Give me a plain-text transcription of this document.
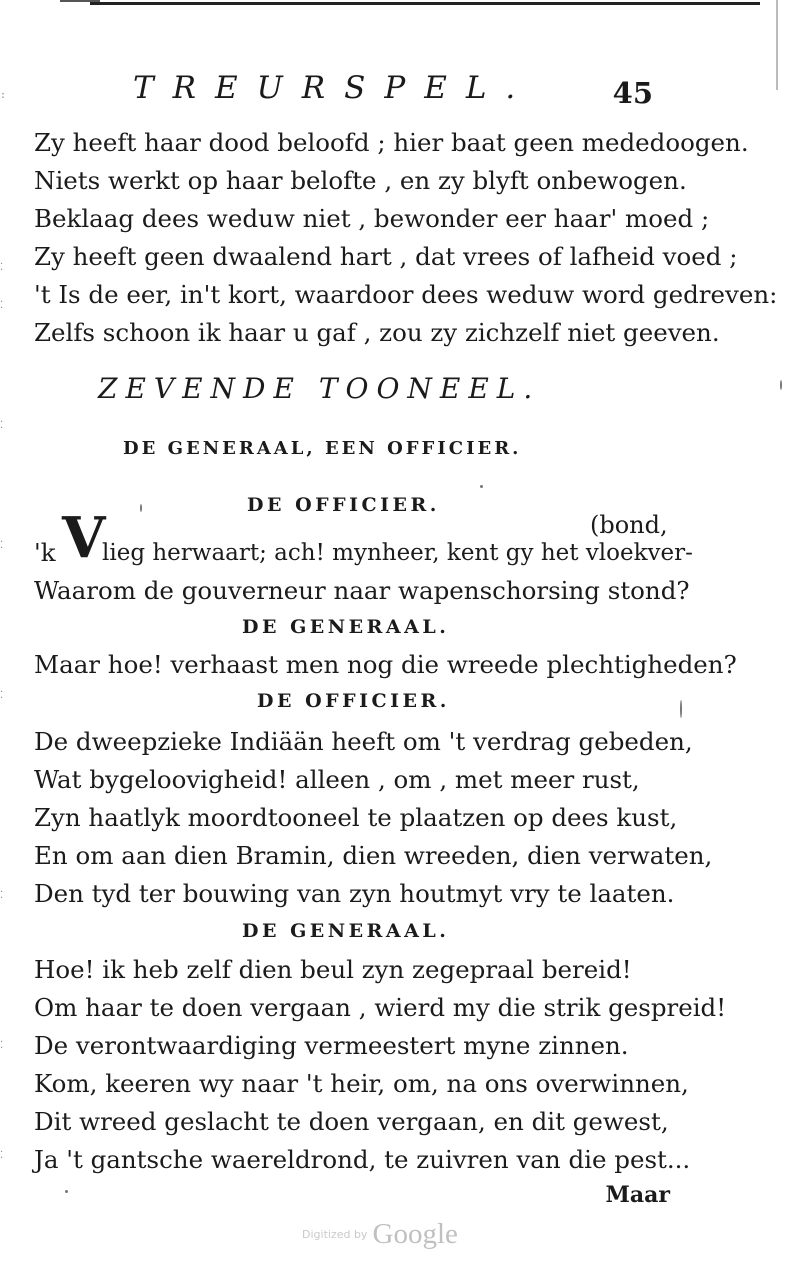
:
⁚
⁚
⁚
⁚
⁚
⁚
⁚
⁚
TREURSPEL.	45
Zy heeft haar dood beloofd ; hier baat geen mededoogen.
Niets werkt op haar belofte , en zy blyft onbewogen.
Beklaag dees weduw niet , bewonder eer haar' moed ;
Zy heeft geen dwaalend hart , dat vrees of lafheid voed ;
't Is de eer, in't kort, waardoor dees weduw word gedreven:
Zelfs schoon ik haar u gaf , zou zy zichzelf niet geeven.
ZEVENDE TOONEEL.
DE GENERAAL, EEN OFFICIER.
DE OFFICIER.
(bond,
'k V
lieg herwaart; ach! mynheer, kent gy het vloekver-
Waarom de gouverneur naar wapenschorsing stond?
DE GENERAAL.
Maar hoe! verhaast men nog die wreede plechtigheden?
DE OFFICIER.
De dweepzieke Indiään heeft om 't verdrag gebeden,
Wat bygeloovigheid! alleen , om , met meer rust,
Zyn haatlyk moordtooneel te plaatzen op dees kust,
En om aan dien Bramin, dien wreeden, dien verwaten,
Den tyd ter bouwing van zyn houtmyt vry te laaten.
DE GENERAAL.
Hoe! ik heb zelf dien beul zyn zegepraal bereid!
Om haar te doen vergaan , wierd my die strik gespreid!
De verontwaardiging vermeestert myne zinnen.
Kom, keeren wy naar 't heir, om, na ons overwinnen,
Dit wreed geslacht te doen vergaan, en dit gewest,
Ja 't gantsche waereldrond, te zuivren van die pest...
Maar
Digitized by Google
